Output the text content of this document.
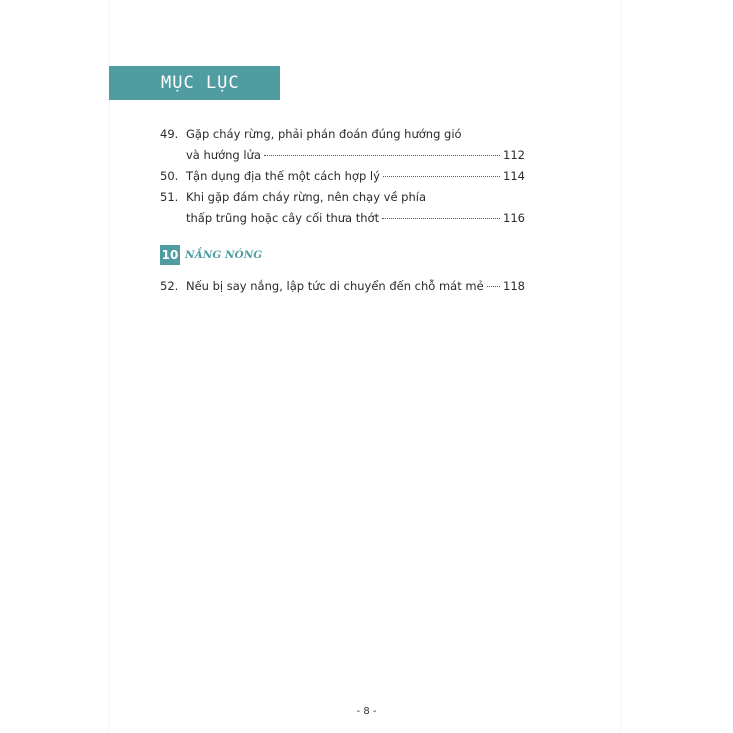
MỤC LỤC
49. Gặp cháy rừng, phải phán đoán đúng hướng gió
và hướng lửa	112
50. Tận dụng địa thế một cách hợp lý	114
51. Khi gặp đám cháy rừng, nên chạy về phía
thấp trũng hoặc cây cối thưa thớt	116
10 NẮNG NÓNG
52. Nếu bị say nắng, lập tức di chuyển đến chỗ mát mẻ 118
- 8 -
